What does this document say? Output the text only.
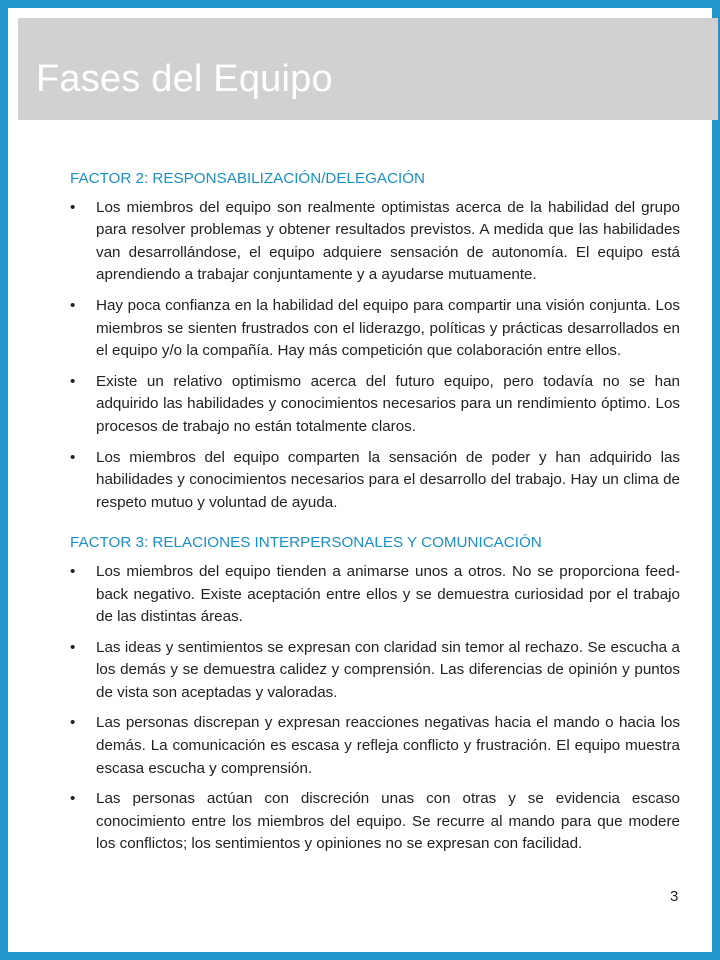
Fases del Equipo
FACTOR 2: RESPONSABILIZACIÓN/DELEGACIÓN
• Los miembros del equipo son realmente optimistas acerca de la habilidad del grupo para resolver problemas y obtener resultados previstos. A medida que las habilidades van desarrollándose, el equipo adquiere sensación de autonomía. El equipo está aprendiendo a trabajar conjuntamente y a ayudarse mutuamente.
• Hay poca confianza en la habilidad del equipo para compartir una visión conjunta. Los miembros se sienten frustrados con el liderazgo, políticas y prácticas desarrollados en el equipo y/o la compañía. Hay más competición que colaboración entre ellos.
• Existe un relativo optimismo acerca del futuro equipo, pero todavía no se han adquirido las habilidades y conocimientos necesarios para un rendimiento óptimo. Los procesos de trabajo no están totalmente claros.
• Los miembros del equipo comparten la sensación de poder y han adquirido las habilidades y conocimientos necesarios para el desarrollo del trabajo. Hay un clima de respeto mutuo y voluntad de ayuda.
FACTOR 3: RELACIONES INTERPERSONALES Y COMUNICACIÓN
• Los miembros del equipo tienden a animarse unos a otros. No se proporciona feed-back negativo. Existe aceptación entre ellos y se demuestra curiosidad por el trabajo de las distintas áreas.
• Las ideas y sentimientos se expresan con claridad sin temor al rechazo. Se escucha a los demás y se demuestra calidez y comprensión. Las diferencias de opinión y puntos de vista son aceptadas y valoradas.
• Las personas discrepan y expresan reacciones negativas hacia el mando o hacia los demás. La comunicación es escasa y refleja conflicto y frustración. El equipo muestra escasa escucha y comprensión.
• Las personas actúan con discreción unas con otras y se evidencia escaso conocimiento entre los miembros del equipo. Se recurre al mando para que modere los conflictos; los sentimientos y opiniones no se expresan con facilidad.
3
